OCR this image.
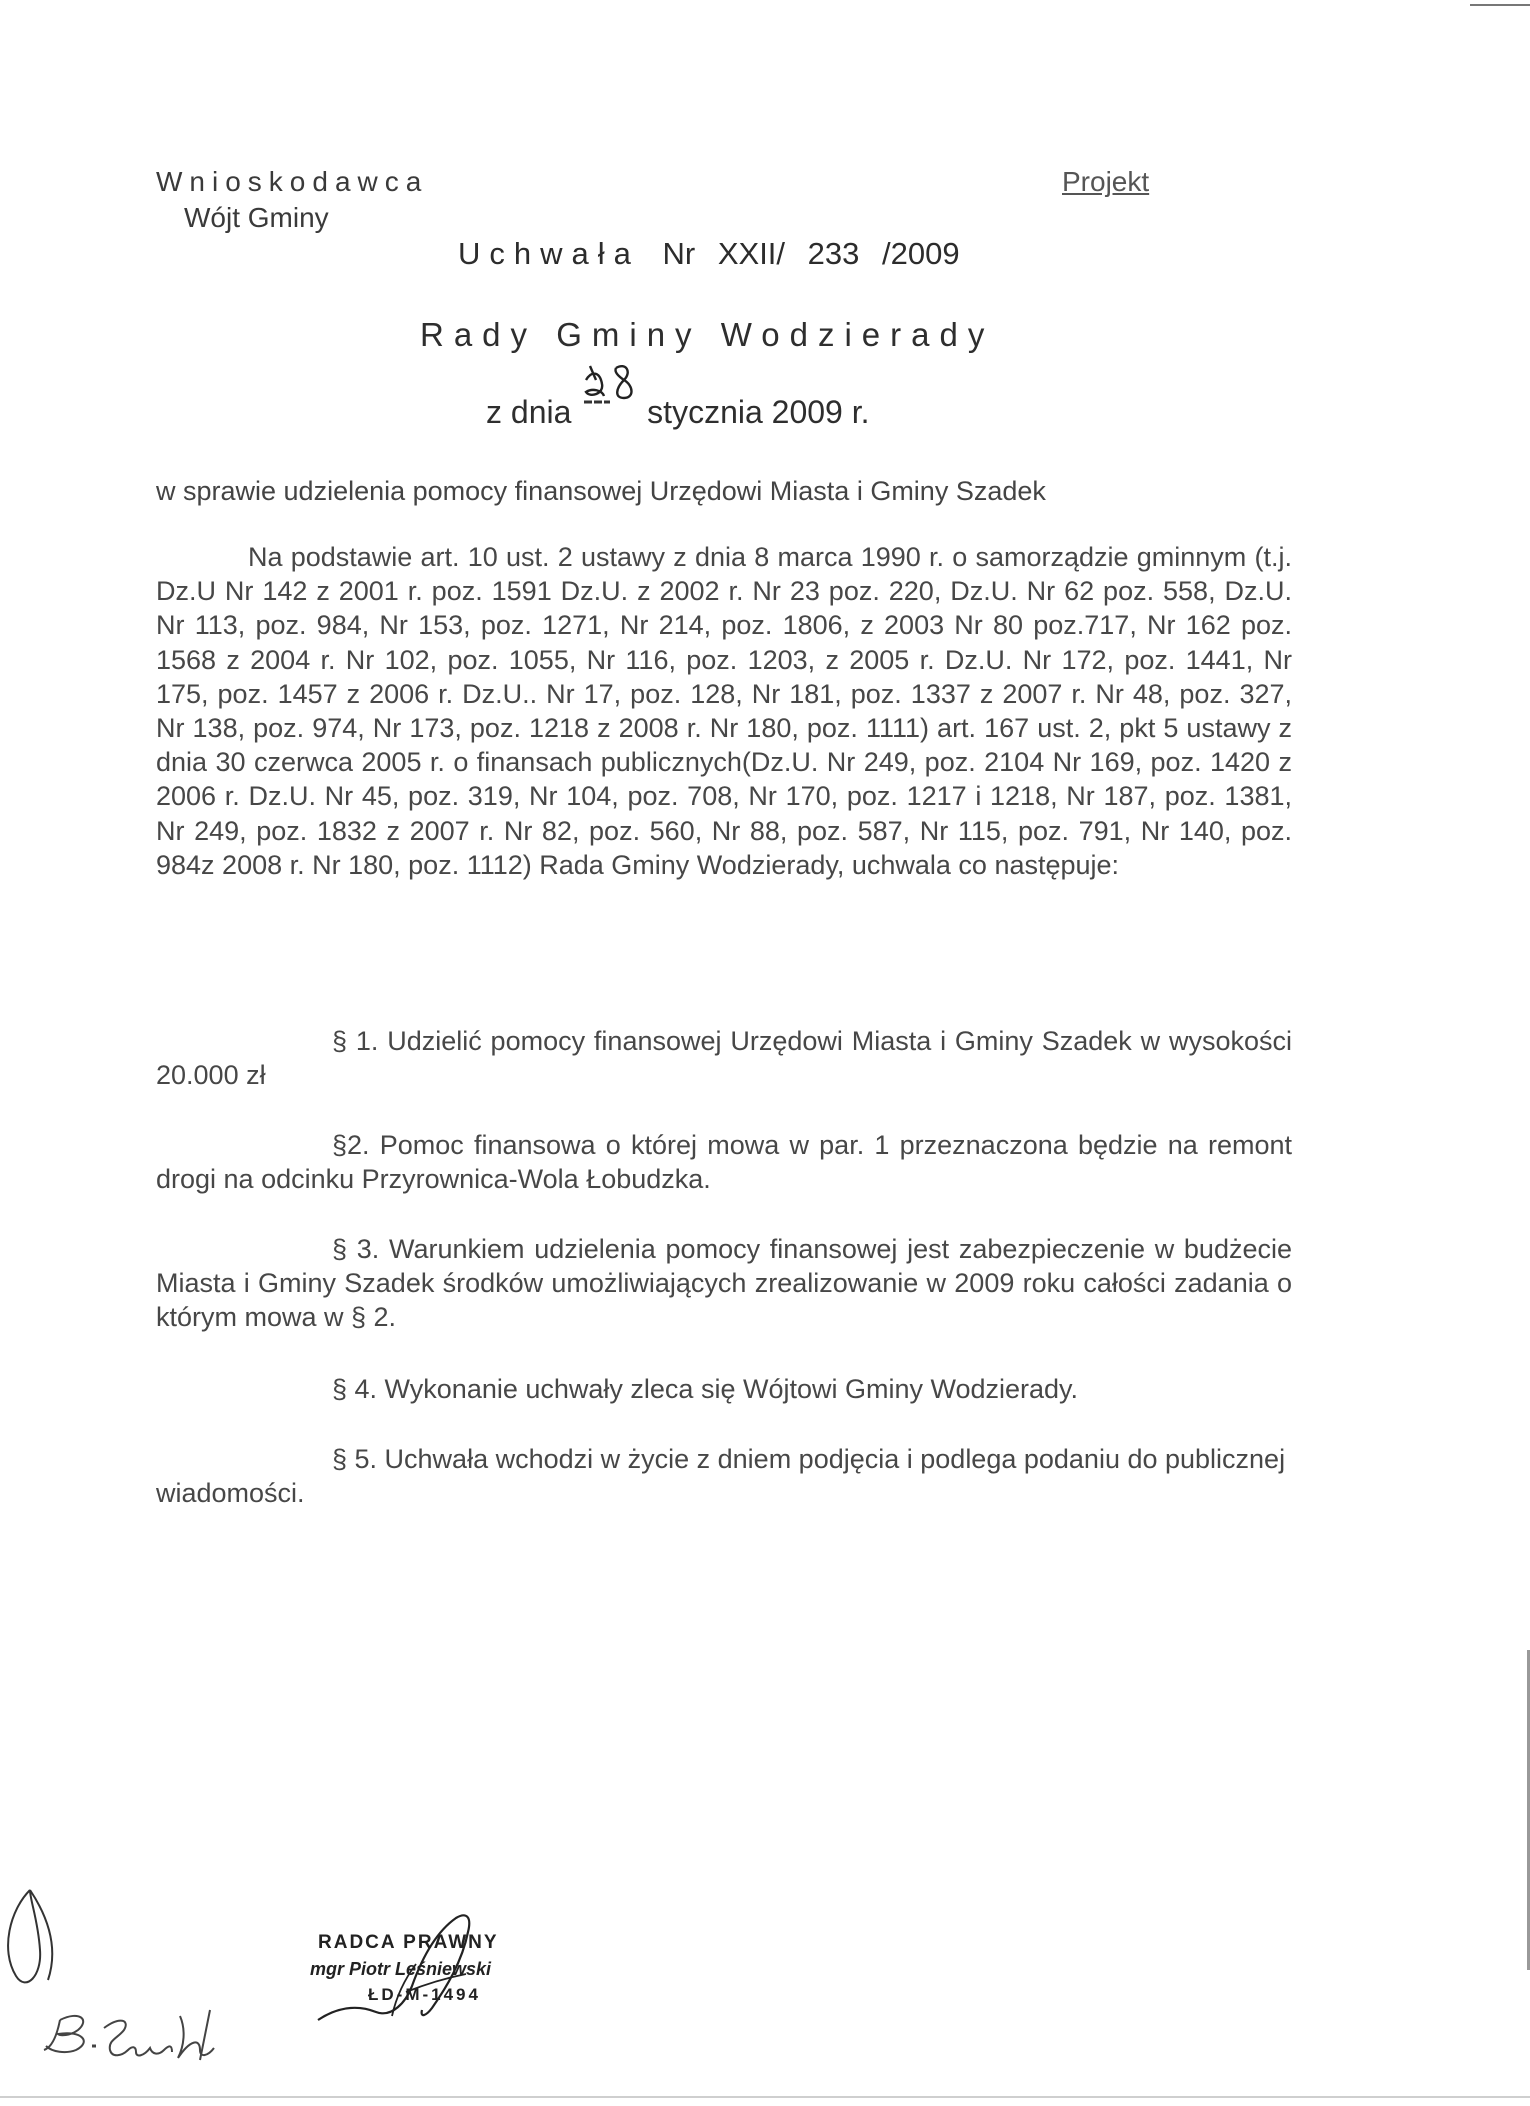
Wnioskodawca
Wójt Gminy
Projekt
Uchwała Nr XXII/ 233 /2009
Rady Gminy Wodzierady
z dnia stycznia 2009 r.
w sprawie udzielenia pomocy finansowej Urzędowi Miasta i Gminy Szadek
Na podstawie art. 10 ust. 2 ustawy z dnia 8 marca 1990 r. o samorządzie gminnym (t.j. Dz.U Nr 142 z 2001 r. poz. 1591 Dz.U. z 2002 r. Nr 23 poz. 220, Dz.U. Nr 62 poz. 558, Dz.U. Nr 113, poz. 984, Nr 153, poz. 1271, Nr 214, poz. 1806, z 2003 Nr 80 poz.717, Nr 162 poz. 1568 z 2004 r. Nr 102, poz. 1055, Nr 116, poz. 1203, z 2005 r. Dz.U. Nr 172, poz. 1441, Nr 175, poz. 1457 z 2006 r. Dz.U.. Nr 17, poz. 128, Nr 181, poz. 1337 z 2007 r. Nr 48, poz. 327, Nr 138, poz. 974, Nr 173, poz. 1218 z 2008 r. Nr 180, poz. 1111) art. 167 ust. 2, pkt 5 ustawy z dnia 30 czerwca 2005 r. o finansach publicznych(Dz.U. Nr 249, poz. 2104 Nr 169, poz. 1420 z 2006 r. Dz.U. Nr 45, poz. 319, Nr 104, poz. 708, Nr 170, poz. 1217 i 1218, Nr 187, poz. 1381, Nr 249, poz. 1832 z 2007 r. Nr 82, poz. 560, Nr 88, poz. 587, Nr 115, poz. 791, Nr 140, poz. 984z 2008 r. Nr 180, poz. 1112) Rada Gminy Wodzierady, uchwala co następuje:
§ 1. Udzielić pomocy finansowej Urzędowi Miasta i Gminy Szadek w wysokości 20.000 zł
§2. Pomoc finansowa o której mowa w par. 1 przeznaczona będzie na remont drogi na odcinku Przyrownica-Wola Łobudzka.
§ 3. Warunkiem udzielenia pomocy finansowej jest zabezpieczenie w budżecie Miasta i Gminy Szadek środków umożliwiających zrealizowanie w 2009 roku całości zadania o którym mowa w § 2.
§ 4. Wykonanie uchwały zleca się Wójtowi Gminy Wodzierady.
§ 5. Uchwała wchodzi w życie z dniem podjęcia i podlega podaniu do publicznej wiadomości.
RADCA PRAWNY
mgr Piotr Leśniewski
ŁD-M-1494
